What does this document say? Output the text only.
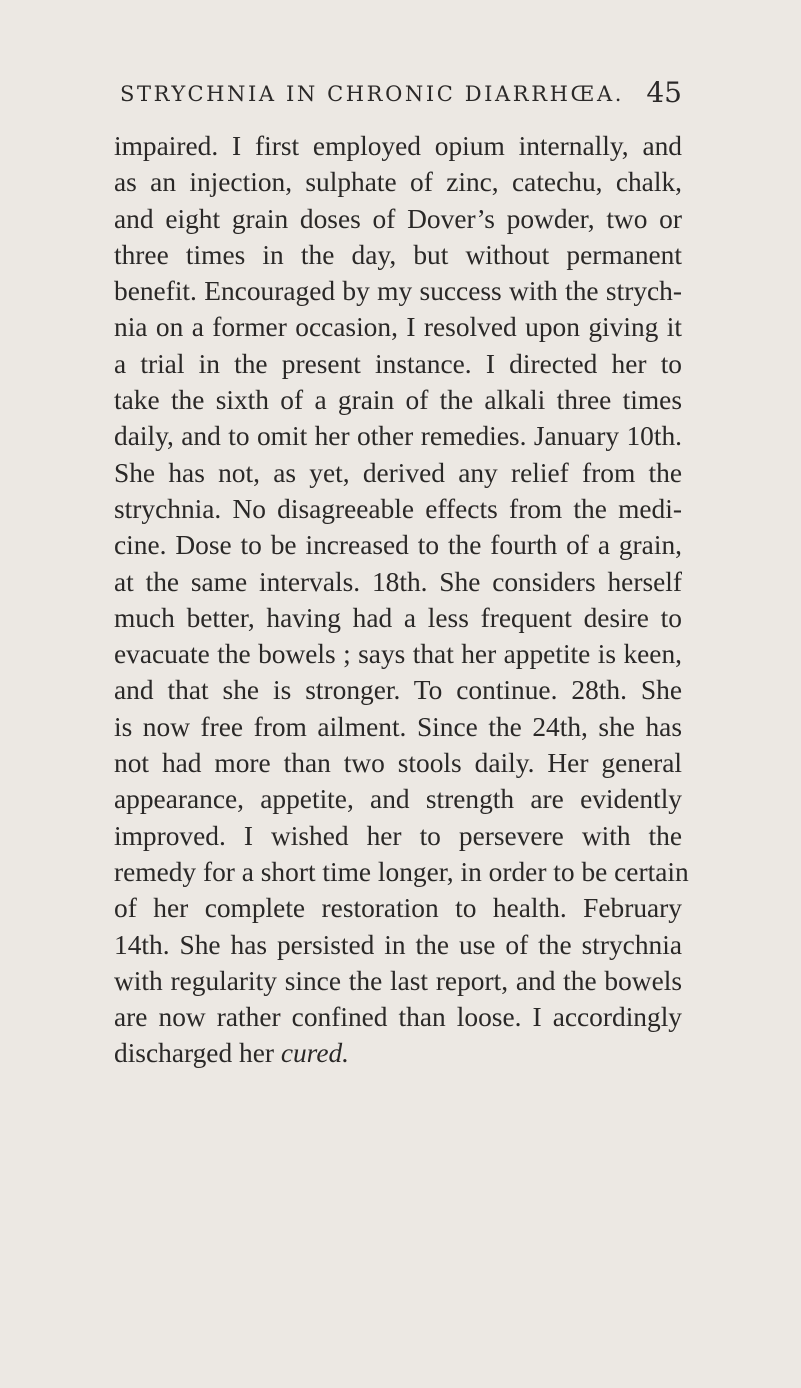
STRYCHNIA IN CHRONIC DIARRHŒA. 45
impaired. I first employed opium internally, and
as an injection, sulphate of zinc, catechu, chalk,
and eight grain doses of Dover’s powder, two or
three times in the day, but without permanent
benefit. Encouraged by my success with the strych-
nia on a former occasion, I resolved upon giving it
a trial in the present instance. I directed her to
take the sixth of a grain of the alkali three times
daily, and to omit her other remedies. January 10th.
She has not, as yet, derived any relief from the
strychnia. No disagreeable effects from the medi-
cine. Dose to be increased to the fourth of a grain,
at the same intervals. 18th. She considers herself
much better, having had a less frequent desire to
evacuate the bowels ; says that her appetite is keen,
and that she is stronger. To continue. 28th. She
is now free from ailment. Since the 24th, she has
not had more than two stools daily. Her general
appearance, appetite, and strength are evidently
improved. I wished her to persevere with the
remedy for a short time longer, in order to be certain
of her complete restoration to health. February
14th. She has persisted in the use of the strychnia
with regularity since the last report, and the bowels
are now rather confined than loose. I accordingly
discharged her cured.
